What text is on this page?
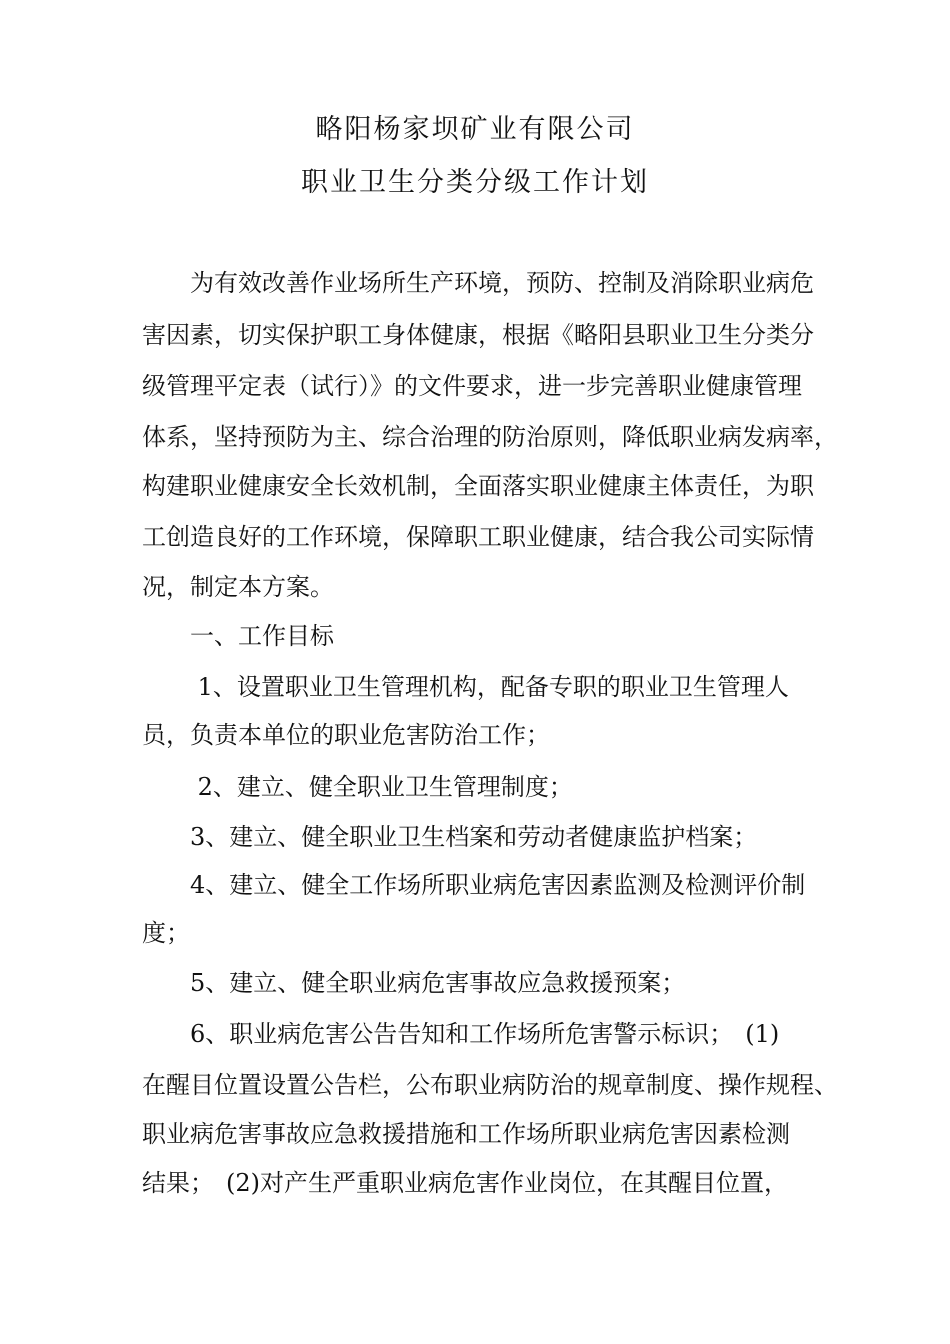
略阳杨家坝矿业有限公司
职业卫生分类分级工作计划
　　为有效改善作业场所生产环境，预防、控制及消除职业病危
害因素，切实保护职工身体健康，根据《略阳县职业卫生分类分
级管理平定表（试行）》的文件要求，进一步完善职业健康管理
体系，坚持预防为主、综合治理的防治原则，降低职业病发病率，
构建职业健康安全长效机制，全面落实职业健康主体责任，为职
工创造良好的工作环境，保障职工职业健康，结合我公司实际情
况，制定本方案。
　　一、工作目标
　　 1、设置职业卫生管理机构，配备专职的职业卫生管理人
员，负责本单位的职业危害防治工作；
　　 2、建立、健全职业卫生管理制度；
　　3、建立、健全职业卫生档案和劳动者健康监护档案；
　　4、建立、健全工作场所职业病危害因素监测及检测评价制
度；
　　5、建立、健全职业病危害事故应急救援预案；
　　6、职业病危害公告告知和工作场所危害警示标识；　(1)
在醒目位置设置公告栏，公布职业病防治的规章制度、操作规程、
职业病危害事故应急救援措施和工作场所职业病危害因素检测
结果；　(2)对产生严重职业病危害作业岗位，在其醒目位置，
